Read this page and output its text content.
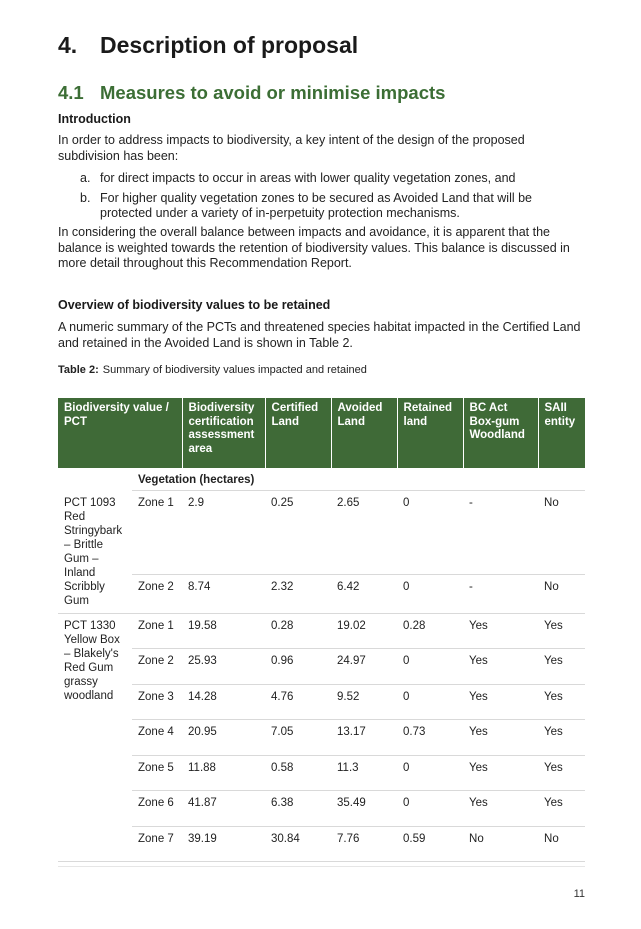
4. Description of proposal
4.1 Measures to avoid or minimise impacts
Introduction
In order to address impacts to biodiversity, a key intent of the design of the proposed subdivision has been:
a. for direct impacts to occur in areas with lower quality vegetation zones, and
b. For higher quality vegetation zones to be secured as Avoided Land that will be protected under a variety of in-perpetuity protection mechanisms.
In considering the overall balance between impacts and avoidance, it is apparent that the balance is weighted towards the retention of biodiversity values. This balance is discussed in more detail throughout this Recommendation Report.
Overview of biodiversity values to be retained
A numeric summary of the PCTs and threatened species habitat impacted in the Certified Land and retained in the Avoided Land is shown in Table 2.
Table 2: Summary of biodiversity values impacted and retained
Biodiversity value / PCT		Biodiversity certification assessment area	Certified Land	Avoided Land	Retained land	BC Act Box-gum Woodland	SAII entity
	Vegetation (hectares)						
PCT 1093 Red Stringybark – Brittle Gum – Inland Scribbly Gum	Zone 1	2.9	0.25	2.65	0	-	No
	Zone 2	8.74	2.32	6.42	0	-	No
PCT 1330 Yellow Box – Blakely's Red Gum grassy woodland	Zone 1	19.58	0.28	19.02	0.28	Yes	Yes
	Zone 2	25.93	0.96	24.97	0	Yes	Yes
	Zone 3	14.28	4.76	9.52	0	Yes	Yes
	Zone 4	20.95	7.05	13.17	0.73	Yes	Yes
	Zone 5	11.88	0.58	11.3	0	Yes	Yes
	Zone 6	41.87	6.38	35.49	0	Yes	Yes
	Zone 7	39.19	30.84	7.76	0.59	No	No
11
